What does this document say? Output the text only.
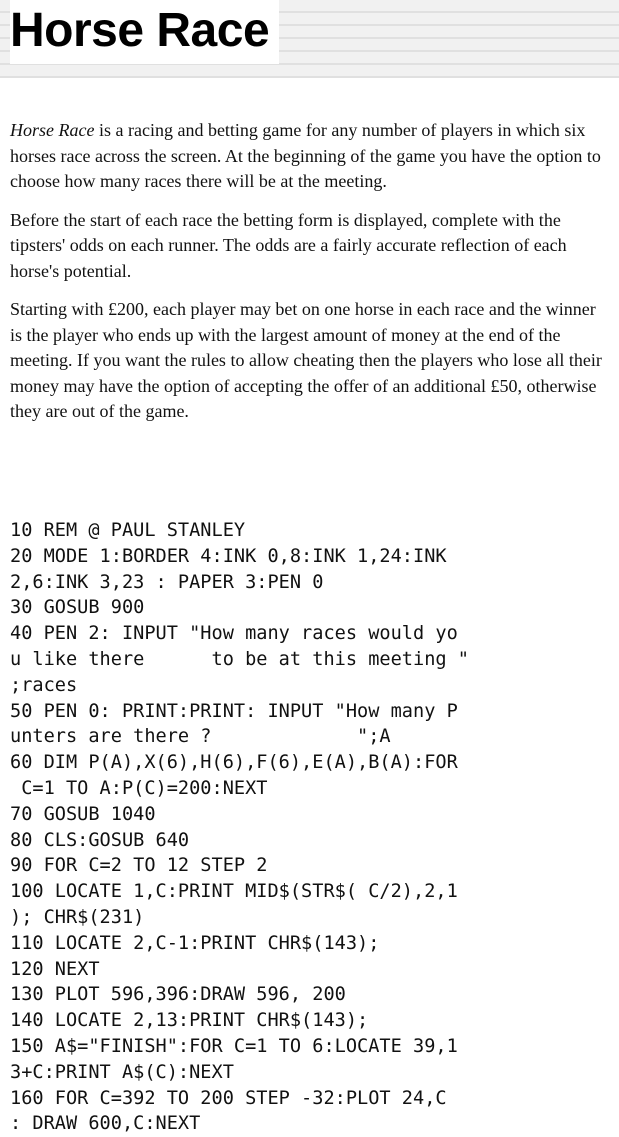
Horse Race

Horse Race is a racing and betting game for any number of players in which six horses race across the screen. At the beginning of the game you have the option to choose how many races there will be at the meeting.

Before the start of each race the betting form is displayed, complete with the tipsters' odds on each runner. The odds are a fairly accurate reflection of each horse's potential.

Starting with £200, each player may bet on one horse in each race and the winner is the player who ends up with the largest amount of money at the end of the meeting. If you want the rules to allow cheating then the players who lose all their money may have the option of accepting the offer of an additional £50, otherwise they are out of the game.

10 REM @ PAUL STANLEY
20 MODE 1:BORDER 4:INK 0,8:INK 1,24:INK
2,6:INK 3,23 : PAPER 3:PEN 0
30 GOSUB 900
40 PEN 2: INPUT "How many races would yo
u like there      to be at this meeting "
;races
50 PEN 0: PRINT:PRINT: INPUT "How many P
unters are there ?             ";A
60 DIM P(A),X(6),H(6),F(6),E(A),B(A):FOR
C=1 TO A:P(C)=200:NEXT
70 GOSUB 1040
80 CLS:GOSUB 640
90 FOR C=2 TO 12 STEP 2
100 LOCATE 1,C:PRINT MID$(STR$( C/2),2,1
); CHR$(231)
110 LOCATE 2,C-1:PRINT CHR$(143);
120 NEXT
130 PLOT 596,396:DRAW 596, 200
140 LOCATE 2,13:PRINT CHR$(143);
150 A$="FINISH":FOR C=1 TO 6:LOCATE 39,1
3+C:PRINT A$(C):NEXT
160 FOR C=392 TO 200 STEP -32:PLOT 24,C
: DRAW 600,C:NEXT
